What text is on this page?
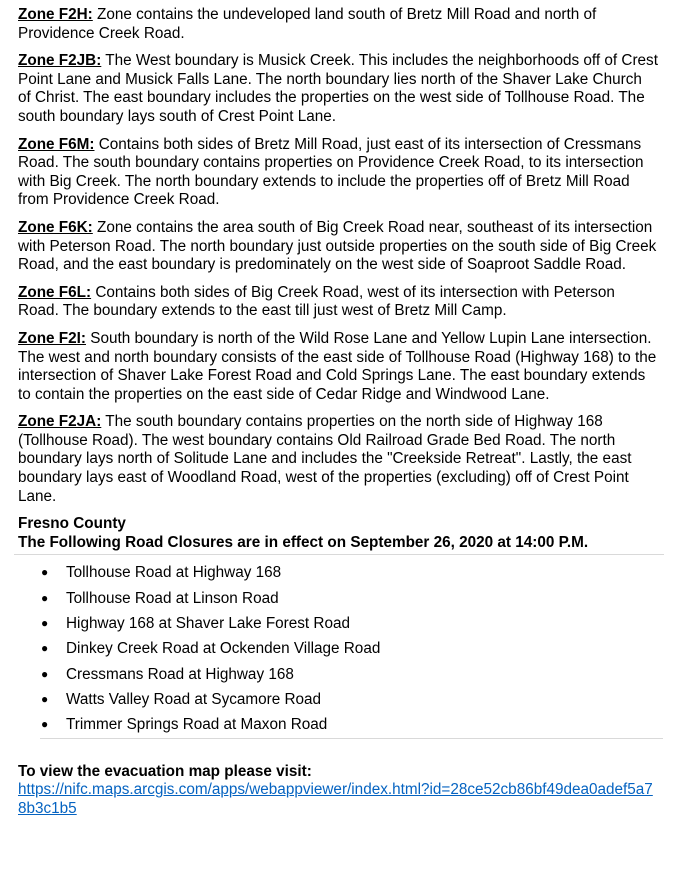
Zone F2H: Zone contains the undeveloped land south of Bretz Mill Road and north of Providence Creek Road.

Zone F2JB: The West boundary is Musick Creek. This includes the neighborhoods off of Crest Point Lane and Musick Falls Lane. The north boundary lies north of the Shaver Lake Church of Christ. The east boundary includes the properties on the west side of Tollhouse Road. The south boundary lays south of Crest Point Lane.

Zone F6M: Contains both sides of Bretz Mill Road, just east of its intersection of Cressmans Road. The south boundary contains properties on Providence Creek Road, to its intersection with Big Creek. The north boundary extends to include the properties off of Bretz Mill Road from Providence Creek Road.

Zone F6K: Zone contains the area south of Big Creek Road near, southeast of its intersection with Peterson Road. The north boundary just outside properties on the south side of Big Creek Road, and the east boundary is predominately on the west side of Soaproot Saddle Road.

Zone F6L: Contains both sides of Big Creek Road, west of its intersection with Peterson Road. The boundary extends to the east till just west of Bretz Mill Camp.

Zone F2I: South boundary is north of the Wild Rose Lane and Yellow Lupin Lane intersection. The west and north boundary consists of the east side of Tollhouse Road (Highway 168) to the intersection of Shaver Lake Forest Road and Cold Springs Lane. The east boundary extends to contain the properties on the east side of Cedar Ridge and Windwood Lane.

Zone F2JA: The south boundary contains properties on the north side of Highway 168 (Tollhouse Road). The west boundary contains Old Railroad Grade Bed Road. The north boundary lays north of Solitude Lane and includes the "Creekside Retreat". Lastly, the east boundary lays east of Woodland Road, west of the properties (excluding) off of Crest Point Lane.

Fresno County
The Following Road Closures are in effect on September 26, 2020 at 14:00 P.M.
● Tollhouse Road at Highway 168
● Tollhouse Road at Linson Road
● Highway 168 at Shaver Lake Forest Road
● Dinkey Creek Road at Ockenden Village Road
● Cressmans Road at Highway 168
● Watts Valley Road at Sycamore Road
● Trimmer Springs Road at Maxon Road
To view the evacuation map please visit:
https://nifc.maps.arcgis.com/apps/webappviewer/index.html?id=28ce52cb86bf49dea0adef5a78b3c1b5
